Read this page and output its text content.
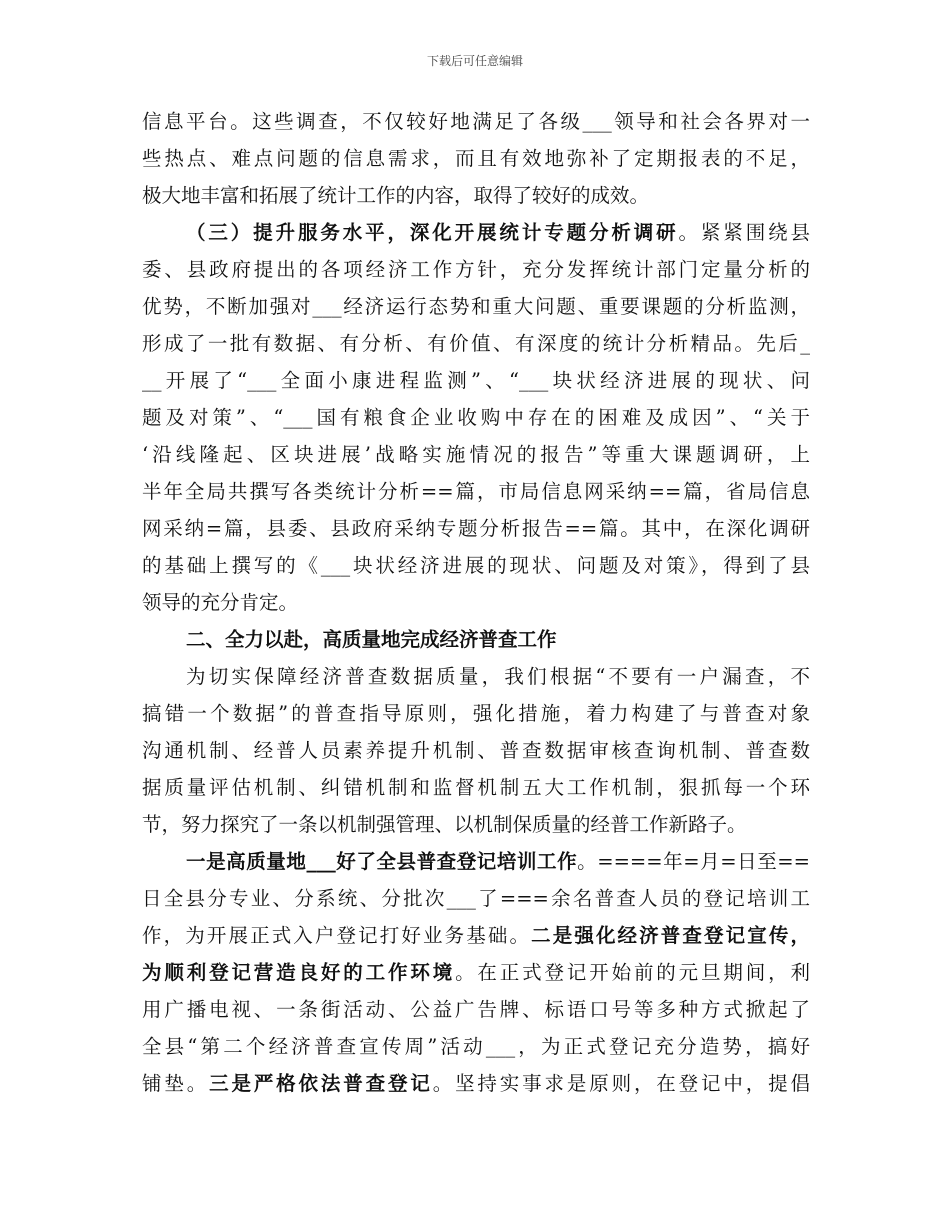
下载后可任意编辑
信息平台。这些调查，不仅较好地满足了各级___领导和社会各界对一
些热点、难点问题的信息需求，而且有效地弥补了定期报表的不足，
极大地丰富和拓展了统计工作的内容，取得了较好的成效。
（三）提升服务水平，深化开展统计专题分析调研。紧紧围绕县
委、县政府提出的各项经济工作方针，充分发挥统计部门定量分析的
优势，不断加强对___经济运行态势和重大问题、重要课题的分析监测，
形成了一批有数据、有分析、有价值、有深度的统计分析精品。先后_
__开展了“___全面小康进程监测”、“___块状经济进展的现状、问
题及对策”、“___国有粮食企业收购中存在的困难及成因”、“关于
‘沿线隆起、区块进展’战略实施情况的报告”等重大课题调研，上
半年全局共撰写各类统计分析==篇，市局信息网采纳==篇，省局信息
网采纳=篇，县委、县政府采纳专题分析报告==篇。其中，在深化调研
的基础上撰写的《___块状经济进展的现状、问题及对策》，得到了县
领导的充分肯定。
二、全力以赴，高质量地完成经济普查工作
为切实保障经济普查数据质量，我们根据“不要有一户漏查，不
搞错一个数据”的普查指导原则，强化措施，着力构建了与普查对象
沟通机制、经普人员素养提升机制、普查数据审核查询机制、普查数
据质量评估机制、纠错机制和监督机制五大工作机制，狠抓每一个环
节，努力探究了一条以机制强管理、以机制保质量的经普工作新路子。
一是高质量地___好了全县普查登记培训工作。====年=月=日至==
日全县分专业、分系统、分批次___了===余名普查人员的登记培训工
作，为开展正式入户登记打好业务基础。二是强化经济普查登记宣传，
为顺利登记营造良好的工作环境。在正式登记开始前的元旦期间，利
用广播电视、一条街活动、公益广告牌、标语口号等多种方式掀起了
全县“第二个经济普查宣传周”活动___，为正式登记充分造势，搞好
铺垫。三是严格依法普查登记。坚持实事求是原则，在登记中，提倡
